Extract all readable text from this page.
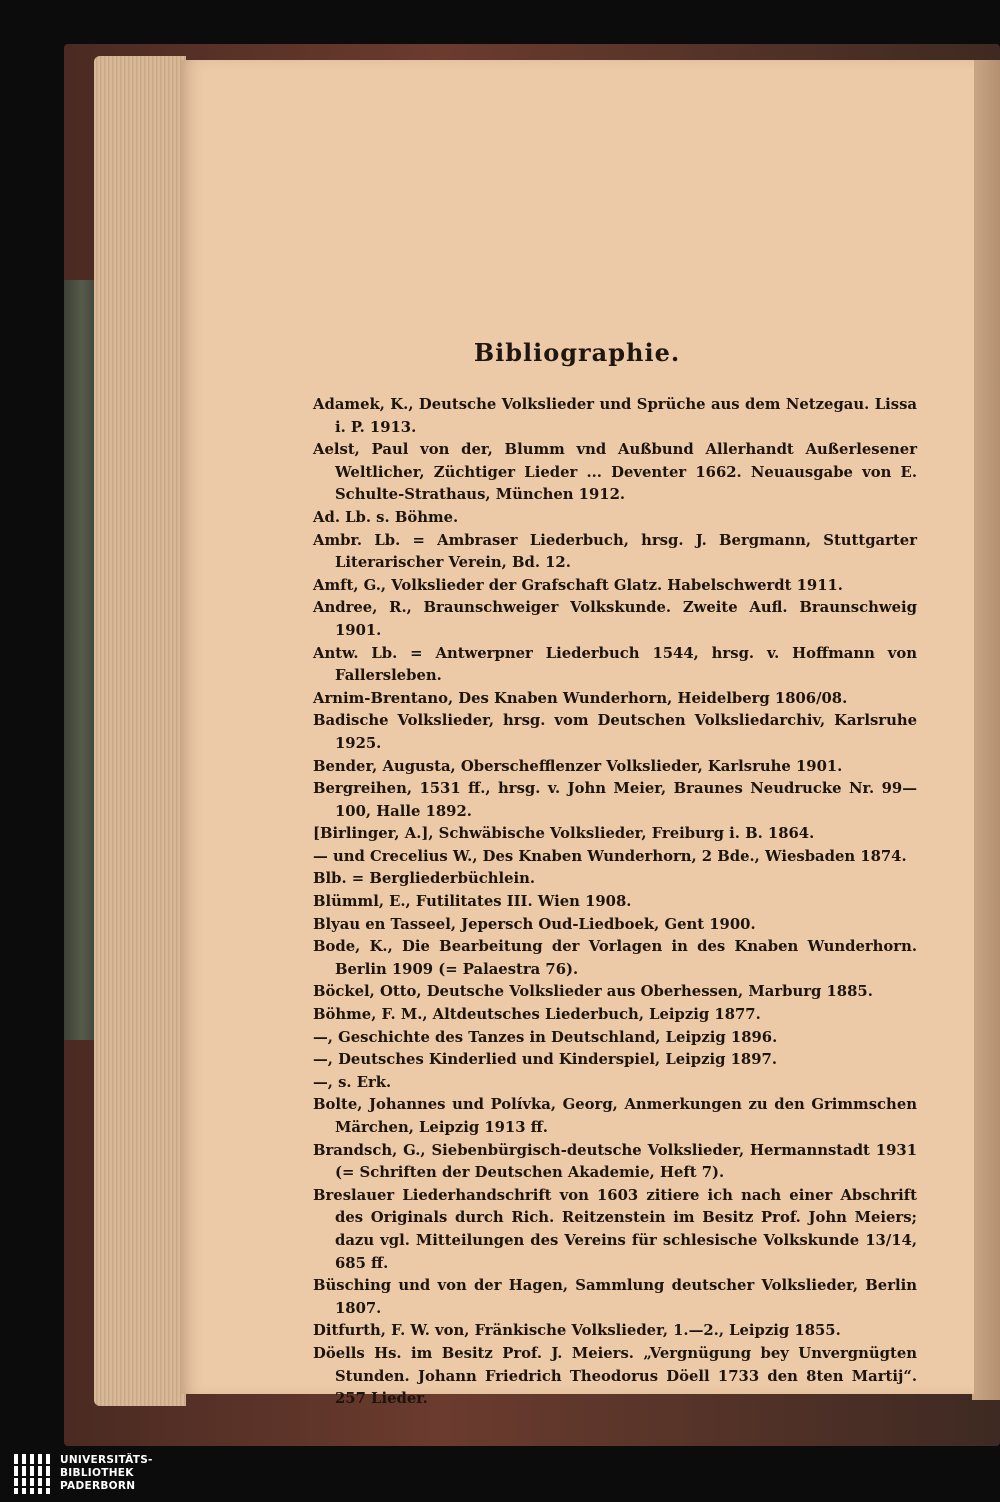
Bibliographie.
Adamek, K., Deutsche Volkslieder und Sprüche aus dem Netzegau. Lissa i. P. 1913.
Aelst, Paul von der, Blumm vnd Außbund Allerhandt Außerlesener Weltlicher, Züchtiger Lieder ... Deventer 1662. Neuausgabe von E. Schulte-Strathaus, München 1912.
Ad. Lb. s. Böhme.
Ambr. Lb. = Ambraser Liederbuch, hrsg. J. Bergmann, Stuttgarter Literarischer Verein, Bd. 12.
Amft, G., Volkslieder der Grafschaft Glatz. Habelschwerdt 1911.
Andree, R., Braunschweiger Volkskunde. Zweite Aufl. Braunschweig 1901.
Antw. Lb. = Antwerpner Liederbuch 1544, hrsg. v. Hoffmann von Fallersleben.
Arnim-Brentano, Des Knaben Wunderhorn, Heidelberg 1806/08.
Badische Volkslieder, hrsg. vom Deutschen Volksliedarchiv, Karlsruhe 1925.
Bender, Augusta, Oberschefflenzer Volkslieder, Karlsruhe 1901.
Bergreihen, 1531 ff., hrsg. v. John Meier, Braunes Neudrucke Nr. 99—100, Halle 1892.
[Birlinger, A.], Schwäbische Volkslieder, Freiburg i. B. 1864.
— und Crecelius W., Des Knaben Wunderhorn, 2 Bde., Wiesbaden 1874.
Blb. = Bergliederbüchlein.
Blümml, E., Futilitates III. Wien 1908.
Blyau en Tasseel, Jepersch Oud-Liedboek, Gent 1900.
Bode, K., Die Bearbeitung der Vorlagen in des Knaben Wunderhorn. Berlin 1909 (= Palaestra 76).
Böckel, Otto, Deutsche Volkslieder aus Oberhessen, Marburg 1885.
Böhme, F. M., Altdeutsches Liederbuch, Leipzig 1877.
—, Geschichte des Tanzes in Deutschland, Leipzig 1896.
—, Deutsches Kinderlied und Kinderspiel, Leipzig 1897.
—, s. Erk.
Bolte, Johannes und Polívka, Georg, Anmerkungen zu den Grimmschen Märchen, Leipzig 1913 ff.
Brandsch, G., Siebenbürgisch-deutsche Volkslieder, Hermannstadt 1931 (= Schriften der Deutschen Akademie, Heft 7).
Breslauer Liederhandschrift von 1603 zitiere ich nach einer Abschrift des Originals durch Rich. Reitzenstein im Besitz Prof. John Meiers; dazu vgl. Mitteilungen des Vereins für schlesische Volkskunde 13/14, 685 ff.
Büsching und von der Hagen, Sammlung deutscher Volkslieder, Berlin 1807.
Ditfurth, F. W. von, Fränkische Volkslieder, 1.—2., Leipzig 1855.
Döells Hs. im Besitz Prof. J. Meiers. „Vergnügung bey Unvergnügten Stunden. Johann Friedrich Theodorus Döell 1733 den 8ten Martij“. 257 Lieder.
UNIVERSITÄTS-
BIBLIOTHEK
PADERBORN
